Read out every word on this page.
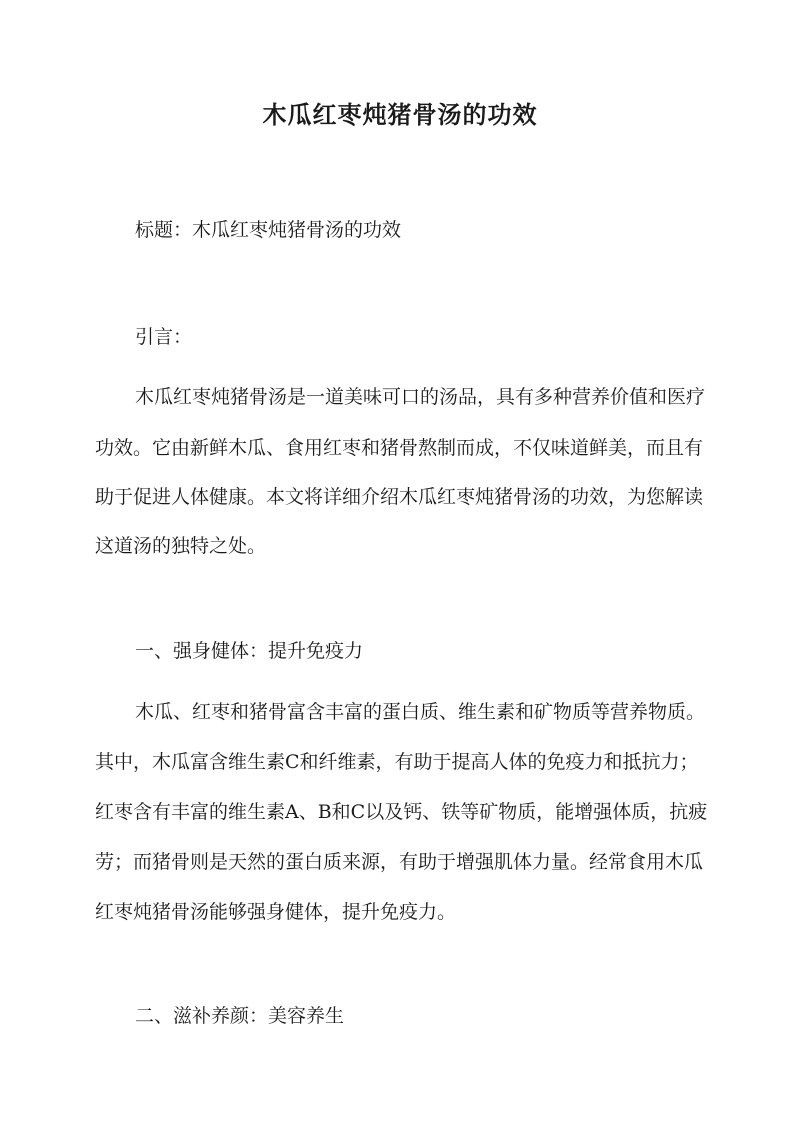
木瓜红枣炖猪骨汤的功效
标题：木瓜红枣炖猪骨汤的功效
引言：
木瓜红枣炖猪骨汤是一道美味可口的汤品，具有多种营养价值和医疗
功效。它由新鲜木瓜、食用红枣和猪骨熬制而成，不仅味道鲜美，而且有
助于促进人体健康。本文将详细介绍木瓜红枣炖猪骨汤的功效，为您解读
这道汤的独特之处。
一、强身健体：提升免疫力
木瓜、红枣和猪骨富含丰富的蛋白质、维生素和矿物质等营养物质。
其中，木瓜富含维生素C和纤维素，有助于提高人体的免疫力和抵抗力；
红枣含有丰富的维生素A、B和C以及钙、铁等矿物质，能增强体质，抗疲
劳；而猪骨则是天然的蛋白质来源，有助于增强肌体力量。经常食用木瓜
红枣炖猪骨汤能够强身健体，提升免疫力。
二、滋补养颜：美容养生
